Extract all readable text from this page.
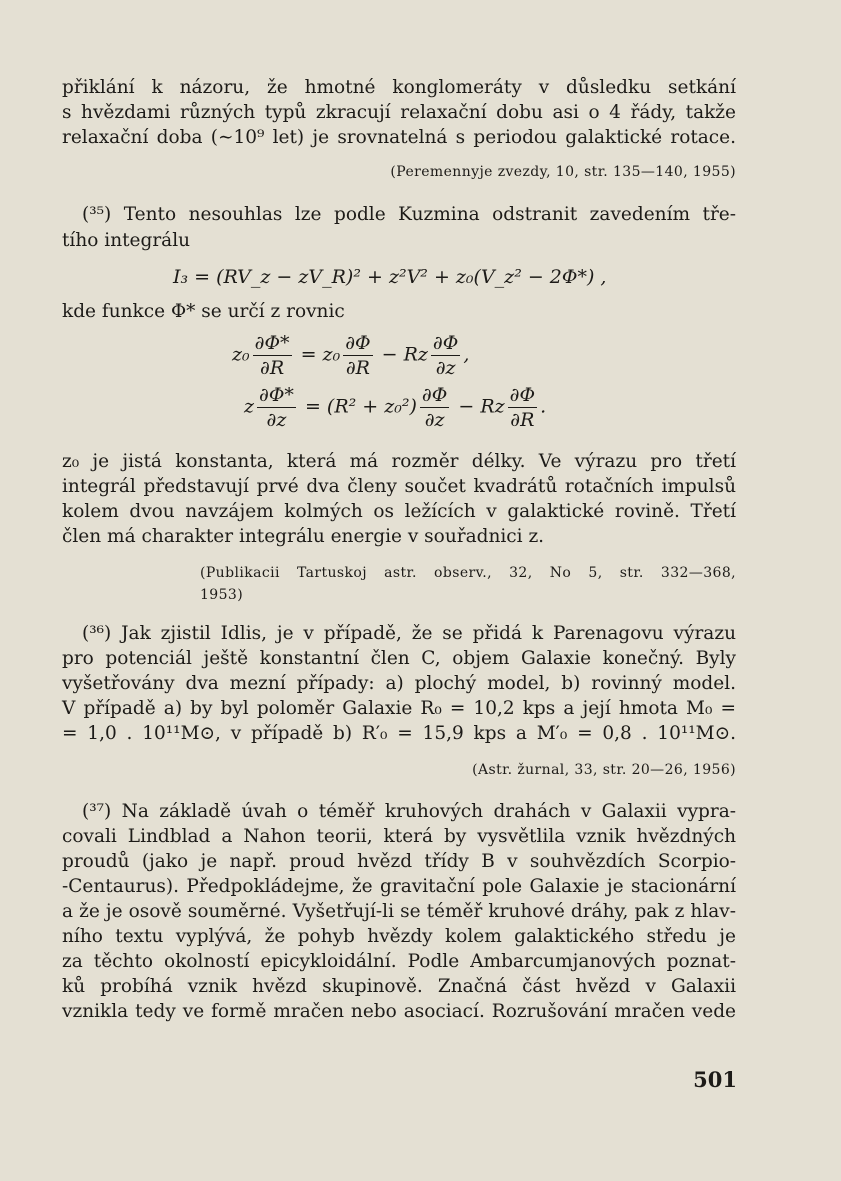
přiklání k názoru, že hmotné konglomeráty v důsledku setkání
s hvězdami různých typů zkracují relaxační dobu asi o 4 řády, takže
relaxační doba (∼10⁹ let) je srovnatelná s periodou galaktické rotace.
(Peremennyje zvezdy, 10, str. 135—140, 1955)
(³⁵) Tento nesouhlas lze podle Kuzmina odstranit zavedením tře-
tího integrálu
I₃ = (RV_z − zV_R)² + z²V² + z₀(V_z² − 2Φ*) ,
kde funkce Φ* se určí z rovnic
$z_0 \frac{\partial\Phi*}{\partial R} = z_0 \frac{\partial\Phi}{\partial R} - Rz \frac{\partial\Phi}{\partial z}$ ,
z $\frac{\partial\Phi*}{\partial z} = (R^2 + z_0^2) \frac{\partial\Phi}{\partial z} - Rz \frac{\partial\Phi}{\partial R}$ .
z₀ je jistá konstanta, která má rozměr délky. Ve výrazu pro třetí
integrál představují prvé dva členy součet kvadrátů rotačních impulsů
kolem dvou navzájem kolmých os ležících v galaktické rovině. Třetí
člen má charakter integrálu energie v souřadnici z.
(Publikacii Tartuskoj astr. observ., 32, No 5, str. 332—368,
1953)
(³⁶) Jak zjistil Idlis, je v případě, že se přidá k Parenagovu výrazu
pro potenciál ještě konstantní člen C, objem Galaxie konečný. Byly
vyšetřovány dva mezní případy: a) plochý model, b) rovinný model.
V případě a) by byl poloměr Galaxie R₀ = 10,2 kps a její hmota M₀ =
= 1,0 . 10¹¹M⊙, v případě b) R′₀ = 15,9 kps a M′₀ = 0,8 . 10¹¹M⊙.
(Astr. žurnal, 33, str. 20—26, 1956)
(³⁷) Na základě úvah o téměř kruhových drahách v Galaxii vypra-
covali Lindblad a Nahon teorii, která by vysvětlila vznik hvězdných
proudů (jako je např. proud hvězd třídy B v souhvězdích Scorpio-
-Centaurus). Předpokládejme, že gravitační pole Galaxie je stacionární
a že je osově souměrné. Vyšetřují-li se téměř kruhové dráhy, pak z hlav-
ního textu vyplývá, že pohyb hvězdy kolem galaktického středu je
za těchto okolností epicykloidální. Podle Ambarcumjanových poznat-
ků probíhá vznik hvězd skupinově. Značná část hvězd v Galaxii
vznikla tedy ve formě mračen nebo asociací. Rozrušování mračen vede
501
